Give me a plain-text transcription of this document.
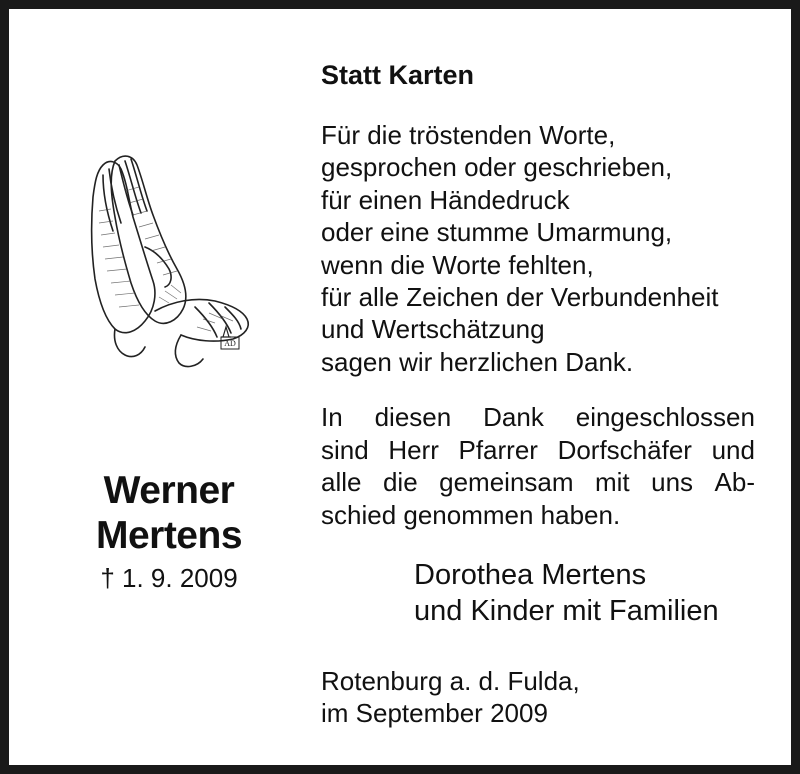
AD
Werner
Mertens
† 1. 9. 2009
Statt Karten
Für die tröstenden Worte,
gesprochen oder geschrieben,
für einen Händedruck
oder eine stumme Umarmung,
wenn die Worte fehlten,
für alle Zeichen der Verbundenheit
und Wertschätzung
sagen wir herzlichen Dank.
In diesen Dank eingeschlossen
sind Herr Pfarrer Dorfschäfer und
alle die gemeinsam mit uns Ab-
schied genommen haben.
Dorothea Mertens
und Kinder mit Familien
Rotenburg a. d. Fulda,
im September 2009
